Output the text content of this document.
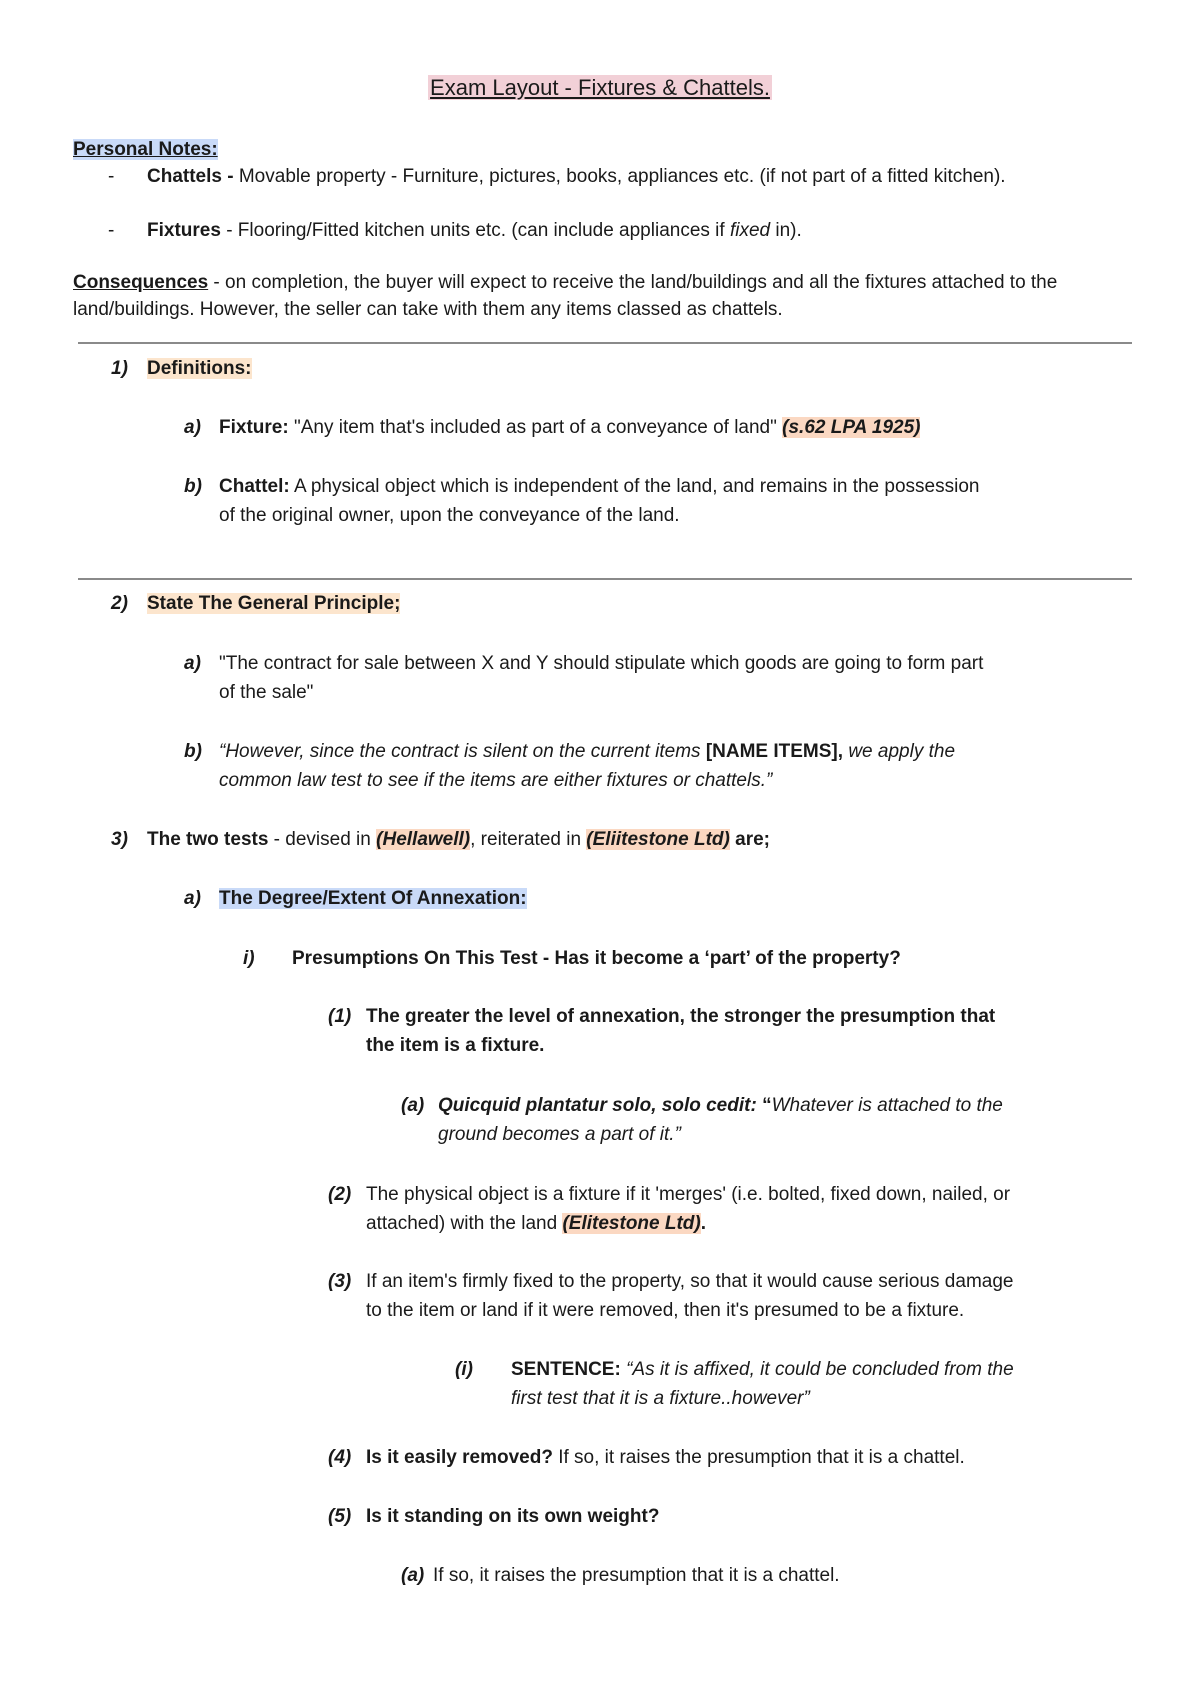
Exam Layout - Fixtures & Chattels.
Personal Notes:
- Chattels - Movable property - Furniture, pictures, books, appliances etc. (if not part of a fitted kitchen).
- Fixtures - Flooring/Fitted kitchen units etc. (can include appliances if fixed in).
Consequences - on completion, the buyer will expect to receive the land/buildings and all the fixtures attached to the
land/buildings. However, the seller can take with them any items classed as chattels.
1) Definitions:
a) Fixture: "Any item that's included as part of a conveyance of land" (s.62 LPA 1925)
b) Chattel: A physical object which is independent of the land, and remains in the possession
of the original owner, upon the conveyance of the land.
2) State The General Principle;
a) "The contract for sale between X and Y should stipulate which goods are going to form part
of the sale"
b) “However, since the contract is silent on the current items [NAME ITEMS], we apply the
common law test to see if the items are either fixtures or chattels.”
3) The two tests - devised in (Hellawell), reiterated in (Eliitestone Ltd) are;
a) The Degree/Extent Of Annexation:
i) Presumptions On This Test - Has it become a ‘part’ of the property?
(1) The greater the level of annexation, the stronger the presumption that
the item is a fixture.
(a) Quicquid plantatur solo, solo cedit: “Whatever is attached to the
ground becomes a part of it.”
(2) The physical object is a fixture if it 'merges' (i.e. bolted, fixed down, nailed, or
attached) with the land (Elitestone Ltd).
(3) If an item's firmly fixed to the property, so that it would cause serious damage
to the item or land if it were removed, then it's presumed to be a fixture.
(i) SENTENCE: “As it is affixed, it could be concluded from the
first test that it is a fixture..however”
(4) Is it easily removed? If so, it raises the presumption that it is a chattel.
(5) Is it standing on its own weight?
(a) If so, it raises the presumption that it is a chattel.
